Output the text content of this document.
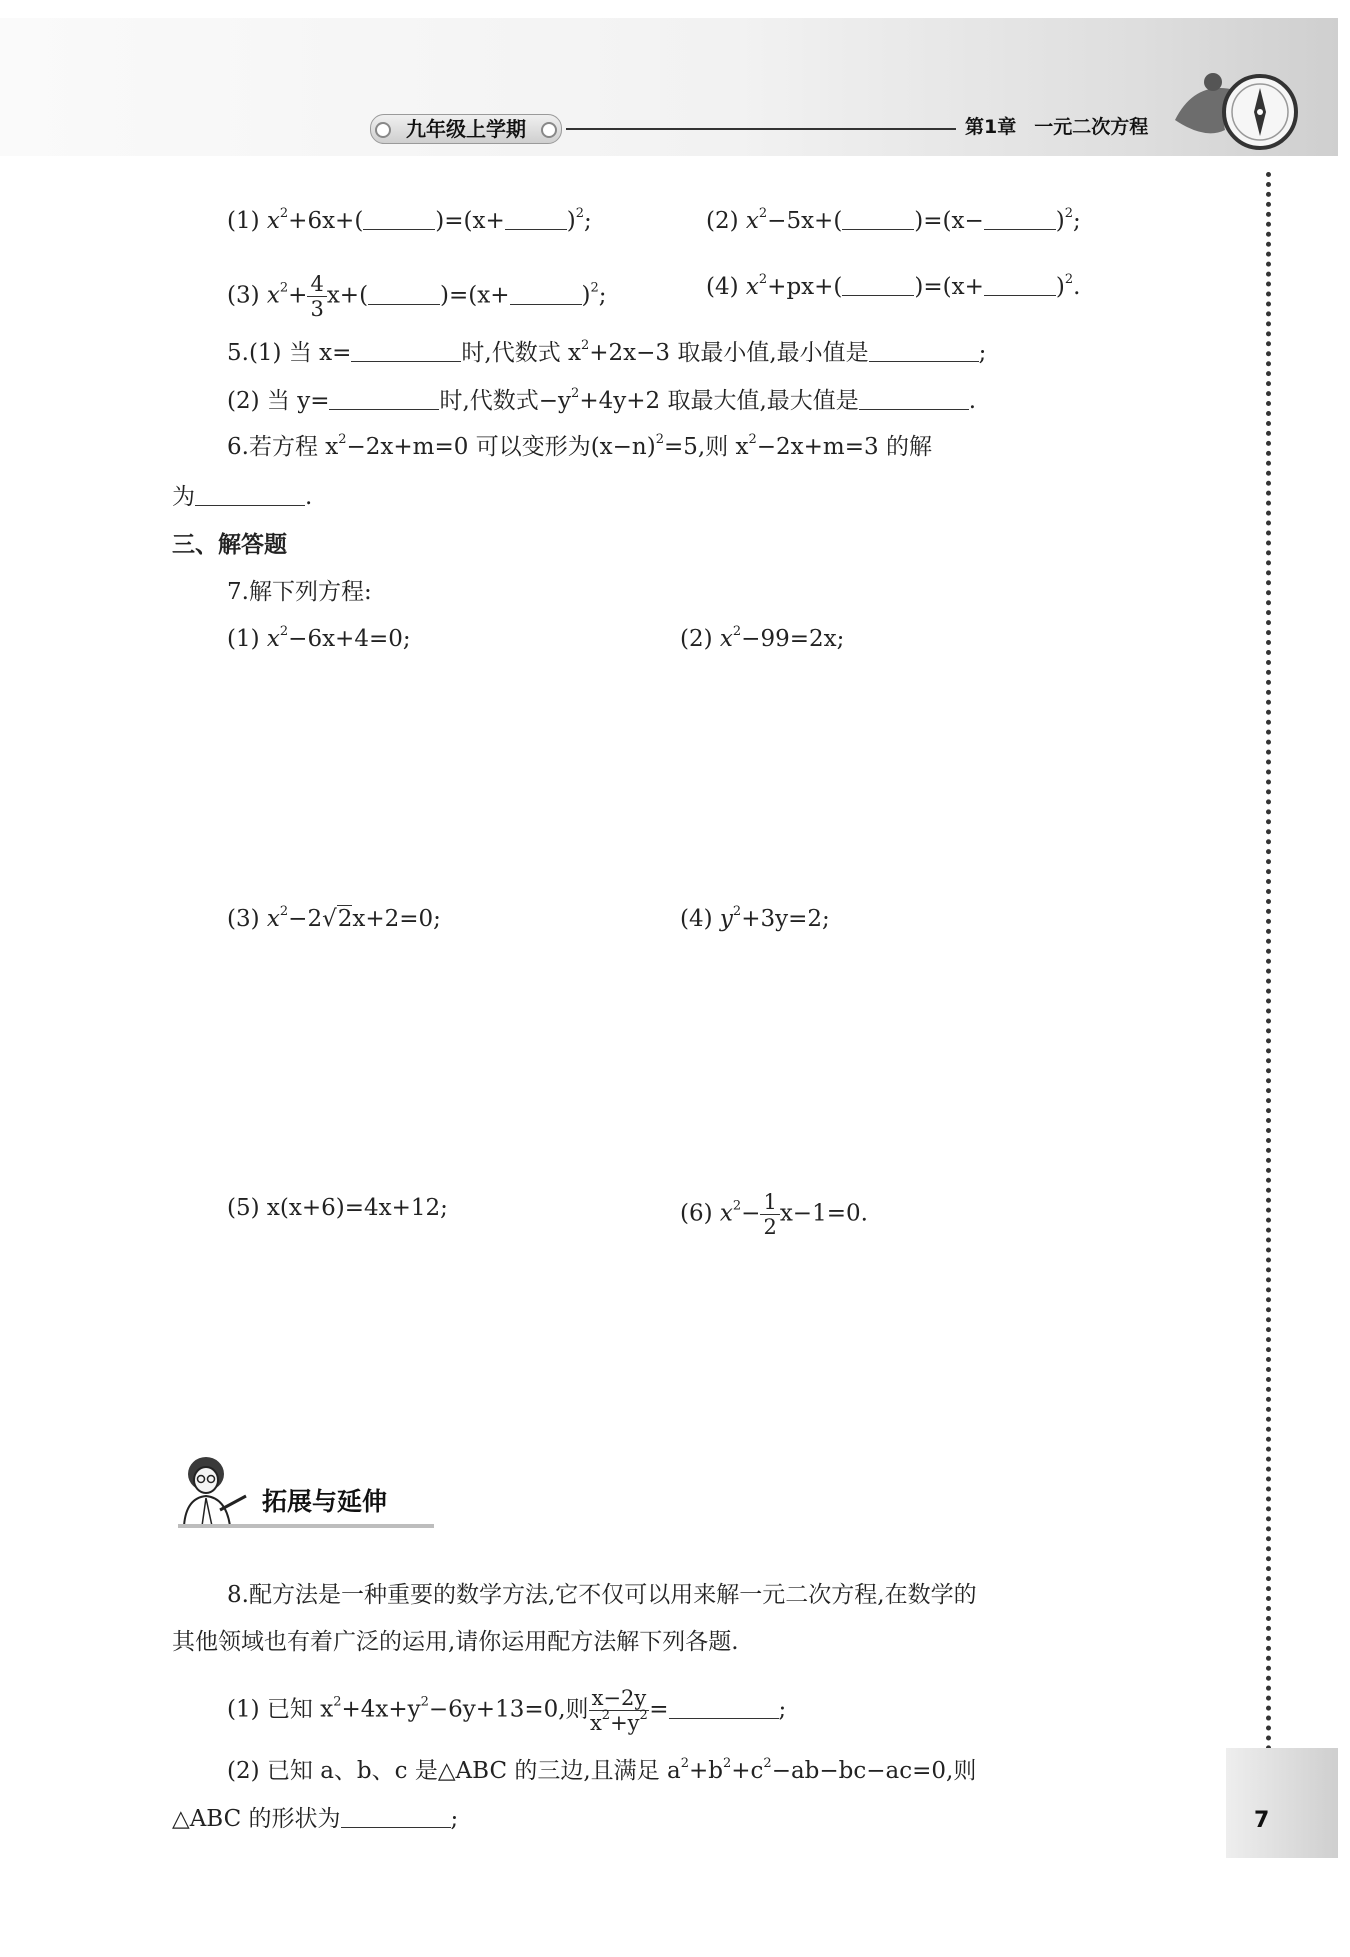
九年级上学期	第1章 一元二次方程
(1) $x^2+6x+$(	)=(x+	)$^2$;	(2) $x^2-5x+$(	)=(x−	)$^2$;
(3) $x^2+ \frac{4}{3} x+$(	)=(x+	)$^2$;	(4) $x^2+px+$(	)=(x+	)$^2$.
5.(1) 当 x=	时,代数式 $x^2+2x-3$ 取最小值,最小值是	;
(2) 当 y=	时,代数式$-y^2+4y+2$ 取最大值,最大值是	.
6.若方程 $x^2-2x+m=0$ 可以变形为$(x-n)^2=5$,则 $x^2-2x+m=3$ 的解
为	.
三、解答题
7.解下列方程:
(1) $x^2-6x+4=0$;	(2) $x^2-99=2x$;
(3) $x^2-2√2x+2=0$;	(4) $y^2+3y=2$;
(5) x(x+6)=4x+12;	(6) $x^2- \frac{1}{2} x-1=0$.
拓展与延伸
8.配方法是一种重要的数学方法,它不仅可以用来解一元二次方程,在数学的
其他领域也有着广泛的运用,请你运用配方法解下列各题.
(1) 已知 $x^2+4x+y^2-6y+13=0$,则 $\frac{x-2y}{x^2+y^2}$ =	;
(2) 已知 a、b、c 是△ABC 的三边,且满足 $a^2+b^2+c^2-ab-bc-ac=0$,则
△ABC 的形状为	;	7
